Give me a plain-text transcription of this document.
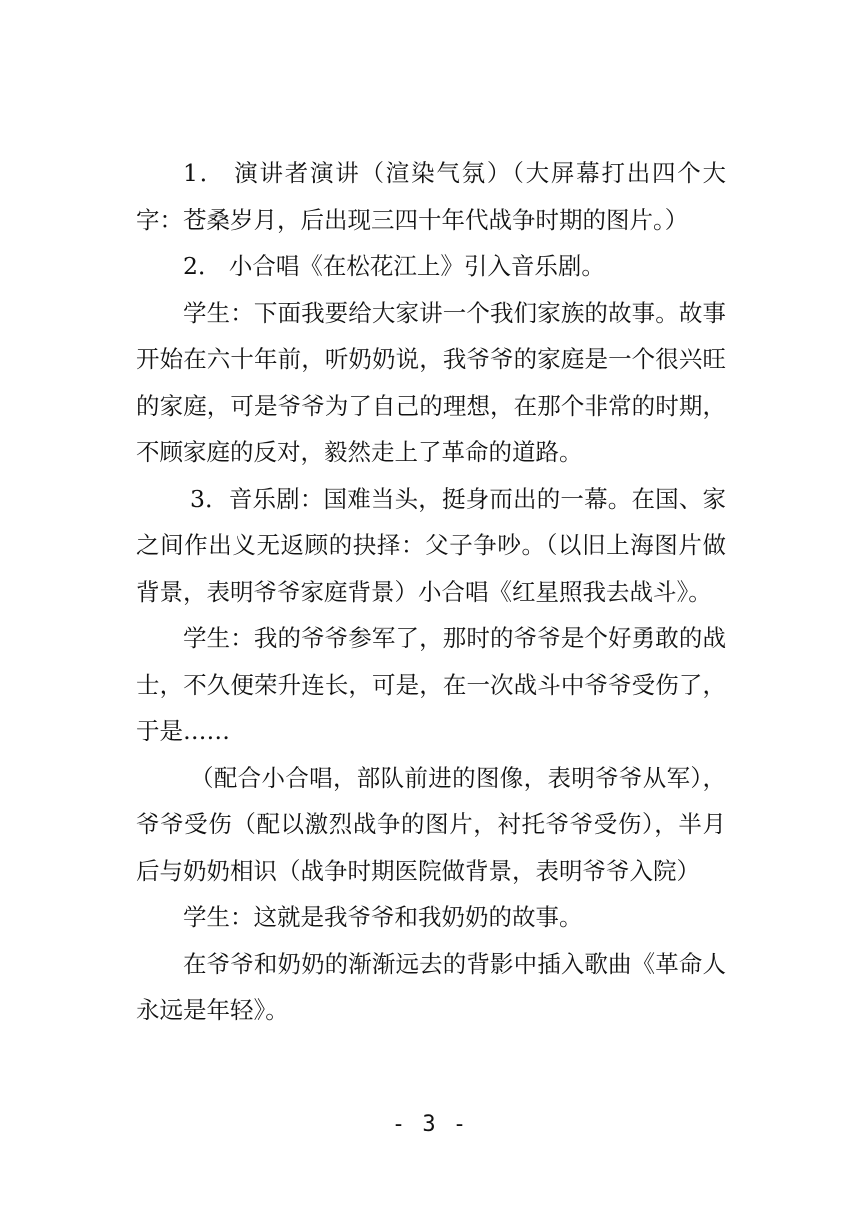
1． 演讲者演讲（渲染气氛）（大屏幕打出四个大字：苍桑岁月，后出现三四十年代战争时期的图片。）

2． 小合唱《在松花江上》引入音乐剧。

学生：下面我要给大家讲一个我们家族的故事。故事开始在六十年前，听奶奶说，我爷爷的家庭是一个很兴旺的家庭，可是爷爷为了自己的理想，在那个非常的时期，不顾家庭的反对，毅然走上了革命的道路。

3．音乐剧：国难当头，挺身而出的一幕。在国、家之间作出义无返顾的抉择：父子争吵。（以旧上海图片做背景，表明爷爷家庭背景）小合唱《红星照我去战斗》。

学生：我的爷爷参军了，那时的爷爷是个好勇敢的战士，不久便荣升连长，可是，在一次战斗中爷爷受伤了，于是……

（配合小合唱，部队前进的图像，表明爷爷从军），爷爷受伤（配以激烈战争的图片，衬托爷爷受伤），半月后与奶奶相识（战争时期医院做背景，表明爷爷入院）

学生：这就是我爷爷和我奶奶的故事。

在爷爷和奶奶的渐渐远去的背影中插入歌曲《革命人永远是年轻》。

- 3 -
